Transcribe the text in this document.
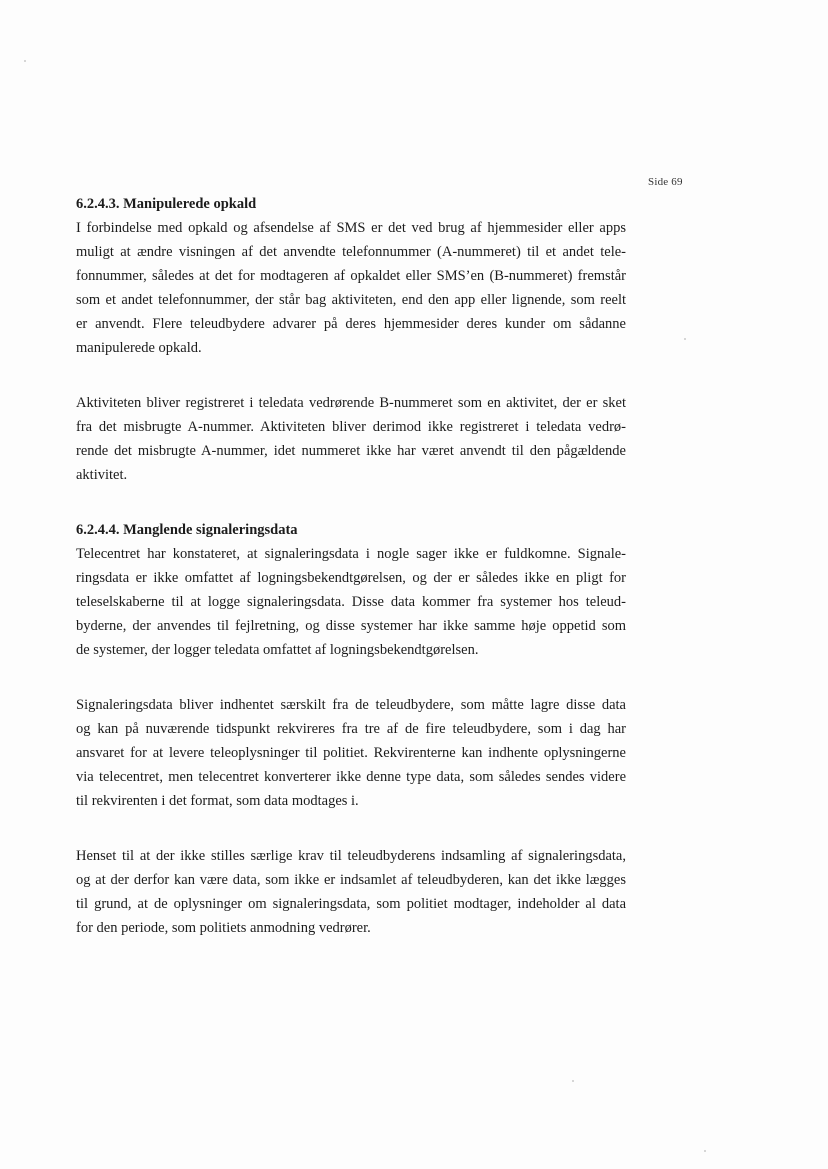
Side 69
6.2.4.3. Manipulerede opkald

I forbindelse med opkald og afsendelse af SMS er det ved brug af hjemmesider eller apps
muligt at ændre visningen af det anvendte telefonnummer (A-nummeret) til et andet tele-
fonnummer, således at det for modtageren af opkaldet eller SMS’en (B-nummeret) fremstår
som et andet telefonnummer, der står bag aktiviteten, end den app eller lignende, som reelt
er anvendt. Flere teleudbydere advarer på deres hjemmesider deres kunder om sådanne
manipulerede opkald.

Aktiviteten bliver registreret i teledata vedrørende B-nummeret som en aktivitet, der er sket
fra det misbrugte A-nummer. Aktiviteten bliver derimod ikke registreret i teledata vedrø-
rende det misbrugte A-nummer, idet nummeret ikke har været anvendt til den pågældende
aktivitet.

6.2.4.4. Manglende signaleringsdata

Telecentret har konstateret, at signaleringsdata i nogle sager ikke er fuldkomne. Signale-
ringsdata er ikke omfattet af logningsbekendtgørelsen, og der er således ikke en pligt for
teleselskaberne til at logge signaleringsdata. Disse data kommer fra systemer hos teleud-
byderne, der anvendes til fejlretning, og disse systemer har ikke samme høje oppetid som
de systemer, der logger teledata omfattet af logningsbekendtgørelsen.

Signaleringsdata bliver indhentet særskilt fra de teleudbydere, som måtte lagre disse data
og kan på nuværende tidspunkt rekvireres fra tre af de fire teleudbydere, som i dag har
ansvaret for at levere teleoplysninger til politiet. Rekvirenterne kan indhente oplysningerne
via telecentret, men telecentret konverterer ikke denne type data, som således sendes videre
til rekvirenten i det format, som data modtages i.

Henset til at der ikke stilles særlige krav til teleudbyderens indsamling af signaleringsdata,
og at der derfor kan være data, som ikke er indsamlet af teleudbyderen, kan det ikke lægges
til grund, at de oplysninger om signaleringsdata, som politiet modtager, indeholder al data
for den periode, som politiets anmodning vedrører.
